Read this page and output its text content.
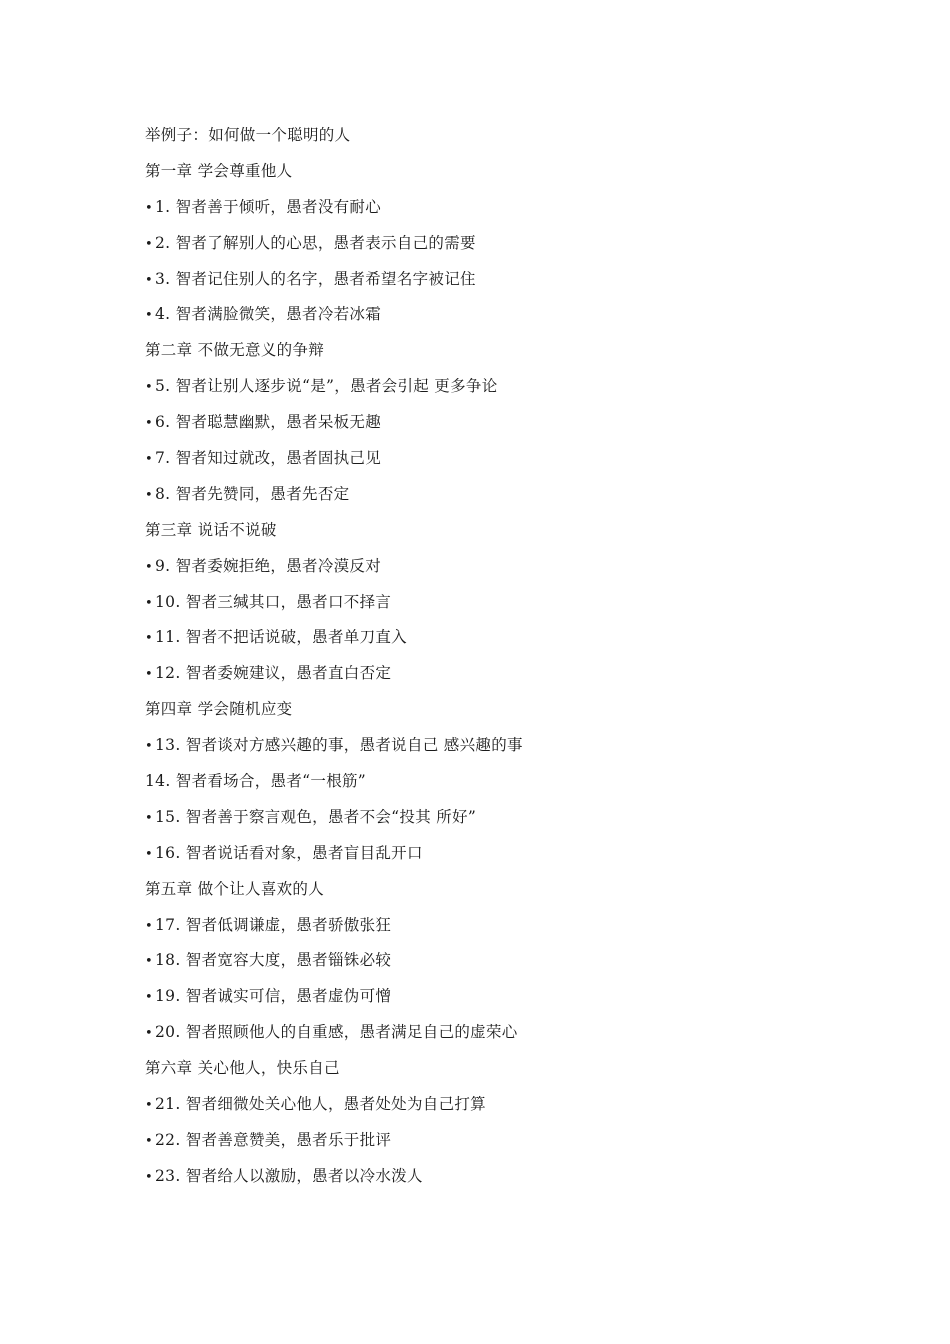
举例子：如何做一个聪明的人
第一章 学会尊重他人
• 1. 智者善于倾听，愚者没有耐心
• 2. 智者了解别人的心思，愚者表示自己的需要
• 3. 智者记住别人的名字，愚者希望名字被记住
• 4. 智者满脸微笑，愚者冷若冰霜
第二章 不做无意义的争辩
• 5. 智者让别人逐步说“是”，愚者会引起 更多争论
• 6. 智者聪慧幽默，愚者呆板无趣
• 7. 智者知过就改，愚者固执己见
• 8. 智者先赞同，愚者先否定
第三章 说话不说破
• 9. 智者委婉拒绝，愚者冷漠反对
• 10. 智者三缄其口，愚者口不择言
• 11. 智者不把话说破，愚者单刀直入
• 12. 智者委婉建议，愚者直白否定
第四章 学会随机应变
• 13. 智者谈对方感兴趣的事，愚者说自己 感兴趣的事
14. 智者看场合，愚者“一根筋”
• 15. 智者善于察言观色，愚者不会“投其 所好”
• 16. 智者说话看对象，愚者盲目乱开口
第五章 做个让人喜欢的人
• 17. 智者低调谦虚，愚者骄傲张狂
• 18. 智者宽容大度，愚者锱铢必较
• 19. 智者诚实可信，愚者虚伪可憎
• 20. 智者照顾他人的自重感，愚者满足自己的虚荣心
第六章 关心他人，快乐自己
• 21. 智者细微处关心他人，愚者处处为自己打算
• 22. 智者善意赞美，愚者乐于批评
• 23. 智者给人以激励，愚者以冷水泼人
